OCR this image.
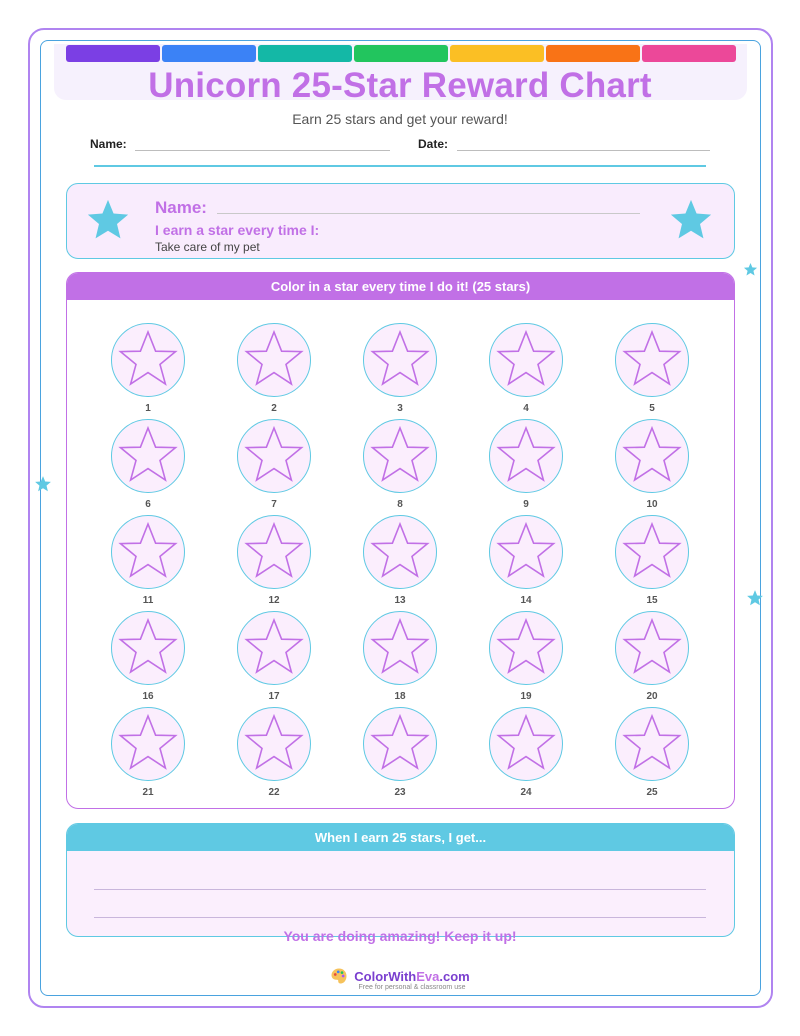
Unicorn 25-Star Reward Chart
Earn 25 stars and get your reward!
Name:	Date:
Name:
I earn a star every time I:
Take care of my pet
Color in a star every time I do it! (25 stars)
1	2	3	4	5
6	7	8	9	10
11	12	13	14	15
16	17	18	19	20
21	22	23	24	25
When I earn 25 stars, I get...
You are doing amazing! Keep it up!
ColorWithEva.com
Free for personal & classroom use
